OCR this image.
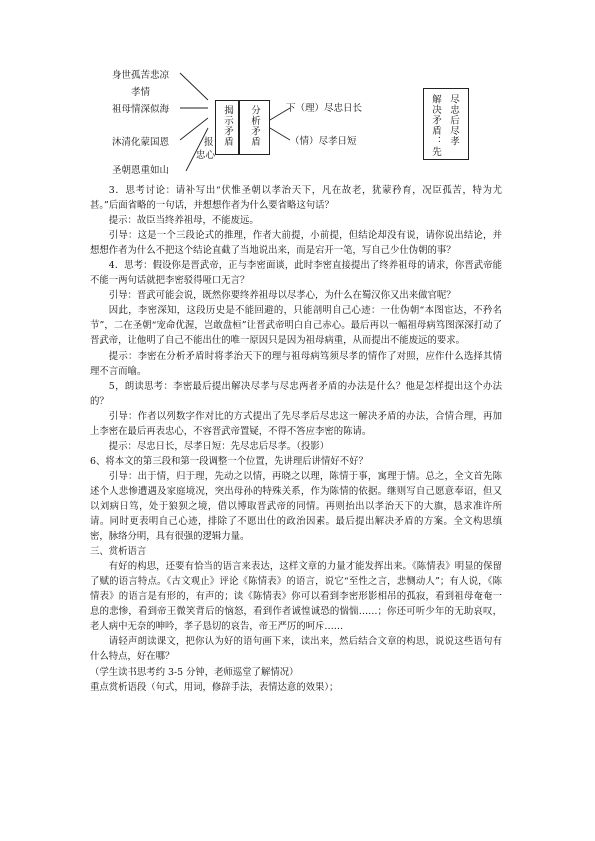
身世孤苦悲凉
孝情
祖母情深似海
沐清化蒙国恩
圣朝恩重如山
报
忠心
揭示矛盾 分析矛盾	下（理）尽忠日长
（情）尽孝日短	解决矛盾：先 尽忠后尽孝

3．思考讨论：请补写出“伏惟圣朝以孝治天下，凡在故老，犹蒙矜育，况臣孤苦，特为尤甚。”后面省略的一句话，并想想作者为什么要省略这句话？

提示：故臣当终养祖母，不能废远。

引导：这是一个三段论式的推理，作者大前提，小前提，但结论却没有说，请你说出结论，并想想作者为什么不把这个结论直截了当地说出来，而是宕开一笔，写自己少仕伪朝的事？

4．思考：假设你是晋武帝，正与李密面谈，此时李密直接提出了终养祖母的请求，你晋武帝能不能一两句话就把李密驳得哑口无言？

引导：晋武可能会说，既然你要终养祖母以尽孝心，为什么在蜀汉你又出来做官呢？

因此，李密深知，这段历史是不能回避的，只能剖明自己心迹：一仕伪朝“本图宦达，不矜名节”，二在圣朝“宠命优渥，岂敢盘桓”让晋武帝明白自己赤心。最后再以一幅祖母病笃图深深打动了晋武帝，让他明了自己不能出仕的唯一原因只是因为祖母病重，从而提出不能废远的要求。

提示：李密在分析矛盾时将孝治天下的理与祖母病笃须尽孝的情作了对照，应作什么选择其情理不言而喻。

5，朗读思考：李密最后提出解决尽孝与尽忠两者矛盾的办法是什么？他是怎样提出这个办法的？

引导：作者以列数字作对比的方式提出了先尽孝后尽忠这一解决矛盾的办法，合情合理，再加上李密在最后再表忠心，不容晋武帝置疑，不得不答应李密的陈请。

提示：尽忠日长，尽孝日短：先尽忠后尽孝。（投影）

6、将本文的第三段和第一段调整一个位置，先讲理后讲情好不好？

引导：出于情，归于理，先动之以情，再晓之以理，陈情于事，寓理于情。总之，全文首先陈述个人悲惨遭遇及家庭境况，突出母孙的特殊关系，作为陈情的依据。继则写自己愿意奉诏，但又以刘病日笃，处于狼狈之境，借以博取晋武帝的同情。再则抬出以孝治天下的大旗，恳求准许所请。同时更表明自己心迹，排除了不愿出仕的政治因素。最后提出解决矛盾的方案。全文构思缜密，脉络分明，具有很强的逻辑力量。

三、赏析语言

有好的构思，还要有恰当的语言来表达，这样文章的力量才能发挥出来。《陈情表》明显的保留了赋的语言特点。《古文观止》评论《陈情表》的语言，说它“至性之言，悲恻动人”；有人说，《陈情表》的语言是有形的，有声的；读《陈情表》你可以看到李密形影相吊的孤寂，看到祖母奄奄一息的悲惨，看到帝王微笑背后的恼怒，看到作者诚惶诚恐的惴惴……；你还可听少年的无助哀叹，老人病中无奈的呻吟，孝子恳切的哀告，帝王严厉的呵斥……

请轻声朗读课文，把你认为好的语句画下来，读出来，然后结合文章的构思，说说这些语句有什么特点，好在哪？

（学生读书思考约 3-5 分钟，老师巡堂了解情况）

重点赏析语段（句式，用词，修辞手法，表情达意的效果）；
